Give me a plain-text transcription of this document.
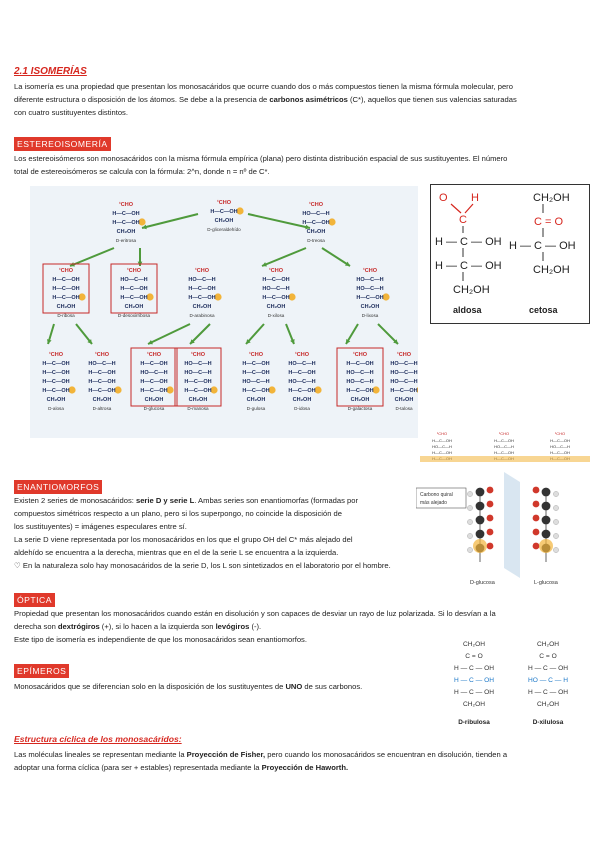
2.1 ISOMERÍAS
La isomería es una propiedad que presentan los monosacáridos que ocurre cuando dos o más compuestos tienen la misma fórmula molecular, pero
diferente estructura o disposición de los átomos. Se debe a la presencia de carbonos asimétricos (C*), aquellos que tienen sus valencias saturadas
con cuatro sustituyentes distintos.
ESTEREOISOMERÍA
Los estereoisómeros son monosacáridos con la misma fórmula empírica (plana) pero distinta distribución espacial de sus sustituyentes. El número
total de estereoisómeros se calcula con la fórmula: 2^n, donde n = nº de C*.
¹CHO
H—C—OH
CH₂OH
D-gliceraldehído
¹CHO
H—C—OH
H—C—OH
CH₂OH
D-eritrosa
¹CHO
HO—C—H
H—C—OH
CH₂OH
D-treosa
¹CHO
H—C—OH
H—C—OH
H—C—OH
CH₂OH
D-ribosa
¹CHO
HO—C—H
H—C—OH
H—C—OH
CH₂OH
D-desoxirribosa
¹CHO
HO—C—H
H—C—OH
H—C—OH
CH₂OH
D-arabinosa
¹CHO
H—C—OH
HO—C—H
H—C—OH
CH₂OH
D-xilosa
¹CHO
HO—C—H
HO—C—H
H—C—OH
CH₂OH
D-lixosa
¹CHO
H—C—OH
H—C—OH
H—C—OH
H—C—OH
CH₂OH
D-alosa
¹CHO
HO—C—H
H—C—OH
H—C—OH
H—C—OH
CH₂OH
D-altrosa
¹CHO
H—C—OH
HO—C—H
H—C—OH
H—C—OH
CH₂OH
D-glucosa
¹CHO
HO—C—H
HO—C—H
H—C—OH
H—C—OH
CH₂OH
D-manosa
¹CHO
H—C—OH
H—C—OH
HO—C—H
H—C—OH
CH₂OH
D-gulosa
¹CHO
HO—C—H
H—C—OH
HO—C—H
H—C—OH
CH₂OH
D-idosa
¹CHO
H—C—OH
HO—C—H
HO—C—H
H—C—OH
CH₂OH
D-galactosa
¹CHO
HO—C—H
HO—C—H
HO—C—H
H—C—OH
CH₂OH
D-talosa
O H
C
H — C — OH
H — C — OH
CH₂OH
aldosa
CH₂OH
C = O
H — C — OH
CH₂OH
cetosa
¹CHO
H—C—OH
HO—C—H
H—C—OH
¹CHO
H—C—OH
HO—C—H
H—C—OH
¹CHO
H—C—OH
HO—C—H
H—C—OH
Carbono quiral
más alejado
D-glucosa	L-glucosa
ENANTIOMORFOS
Existen 2 series de monosacáridos: serie D y serie L. Ambas series son enantiomorfas (formadas por
compuestos simétricos respecto a un plano, pero si los superpongo, no coincide la disposición de
los sustituyentes) = imágenes especulares entre sí.
La serie D viene representada por los monosacáridos en los que el grupo OH del C* más alejado del
aldehído se encuentra a la derecha, mientras que en el de la serie L se encuentra a la izquierda.
♡ En la naturaleza solo hay monosacáridos de la serie D, los L son sintetizados en el laboratorio por el hombre.
ÓPTICA
Propiedad que presentan los monosacáridos cuando están en disolución y son capaces de desviar un rayo de luz polarizada. Si lo desvían a la
derecha son dextrógiros (+), si lo hacen a la izquierda son levógiros (-).
Este tipo de isomería es independiente de que los monosacáridos sean enantiomorfos.
EPÍMEROS
Monosacáridos que se diferencian solo en la disposición de los sustituyentes de UNO de sus carbonos.
CH₂OH
C = O
H — C — OH
H — C — OH
H — C — OH
CH₂OH
D-ribulosa
CH₂OH
C = O
H — C — OH
HO — C — H
H — C — OH
CH₂OH
D-xilulosa
Estructura cíclica de los monosacáridos:
Las moléculas lineales se representan mediante la Proyección de Fisher, pero cuando los monosacáridos se encuentran en disolución, tienden a
adoptar una forma cíclica (para ser + estables) representada mediante la Proyección de Haworth.
